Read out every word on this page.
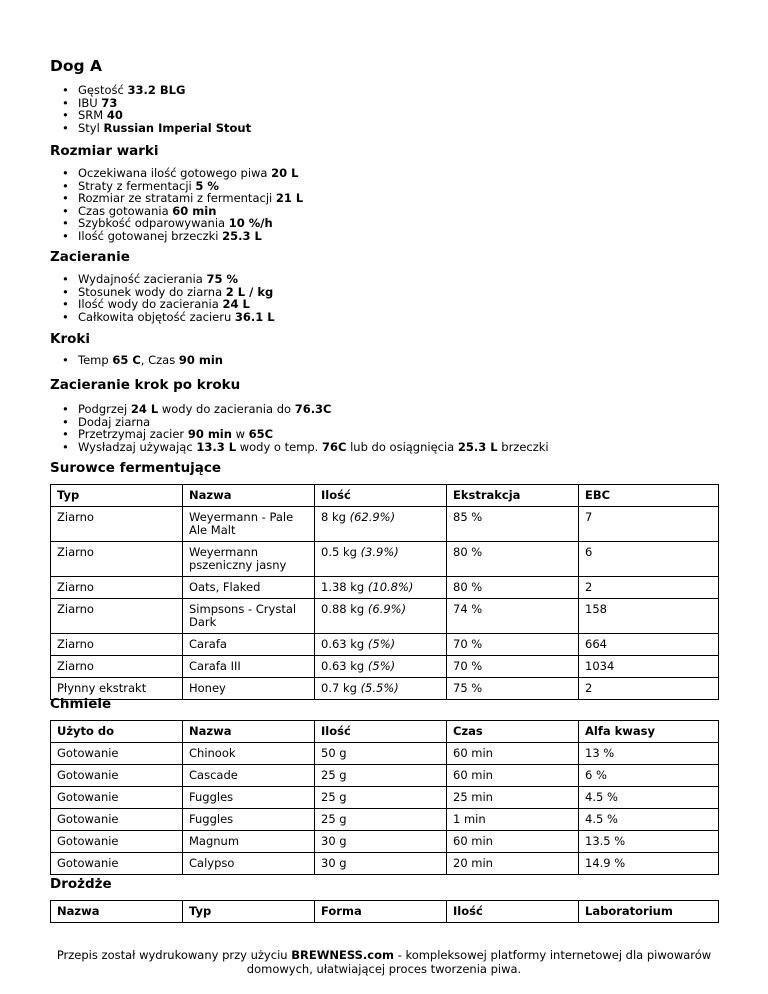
Dog A
• Gęstość 33.2 BLG
• IBU 73
• SRM 40
• Styl Russian Imperial Stout
Rozmiar warki
• Oczekiwana ilość gotowego piwa 20 L
• Straty z fermentacji 5 %
• Rozmiar ze stratami z fermentacji 21 L
• Czas gotowania 60 min
• Szybkość odparowywania 10 %/h
• Ilość gotowanej brzeczki 25.3 L
Zacieranie
• Wydajność zacierania 75 %
• Stosunek wody do ziarna 2 L / kg
• Ilość wody do zacierania 24 L
• Całkowita objętość zacieru 36.1 L
Kroki
• Temp 65 C, Czas 90 min
Zacieranie krok po kroku
• Podgrzej 24 L wody do zacierania do 76.3C
• Dodaj ziarna
• Przetrzymaj zacier 90 min w 65C
• Wysładzaj używając 13.3 L wody o temp. 76C lub do osiągnięcia 25.3 L brzeczki
Surowce fermentujące
Typ	Nazwa	Ilość	Ekstrakcja	EBC
Ziarno	Weyermann - Pale Ale Malt	8 kg (62.9%)	85 %	7
Ziarno	Weyermann pszeniczny jasny	0.5 kg (3.9%)	80 %	6
Ziarno	Oats, Flaked	1.38 kg (10.8%)	80 %	2
Ziarno	Simpsons - Crystal Dark	0.88 kg (6.9%)	74 %	158
Ziarno	Carafa	0.63 kg (5%)	70 %	664
Ziarno	Carafa III	0.63 kg (5%)	70 %	1034
Płynny ekstrakt	Honey	0.7 kg (5.5%)	75 %	2
Chmiele
Użyto do	Nazwa	Ilość	Czas	Alfa kwasy
Gotowanie	Chinook	50 g	60 min	13 %
Gotowanie	Cascade	25 g	60 min	6 %
Gotowanie	Fuggles	25 g	25 min	4.5 %
Gotowanie	Fuggles	25 g	1 min	4.5 %
Gotowanie	Magnum	30 g	60 min	13.5 %
Gotowanie	Calypso	30 g	20 min	14.9 %
Drożdże
Nazwa	Typ	Forma	Ilość	Laboratorium
Przepis został wydrukowany przy użyciu BREWNESS.com - kompleksowej platformy internetowej dla piwowarów domowych, ułatwiającej proces tworzenia piwa.
